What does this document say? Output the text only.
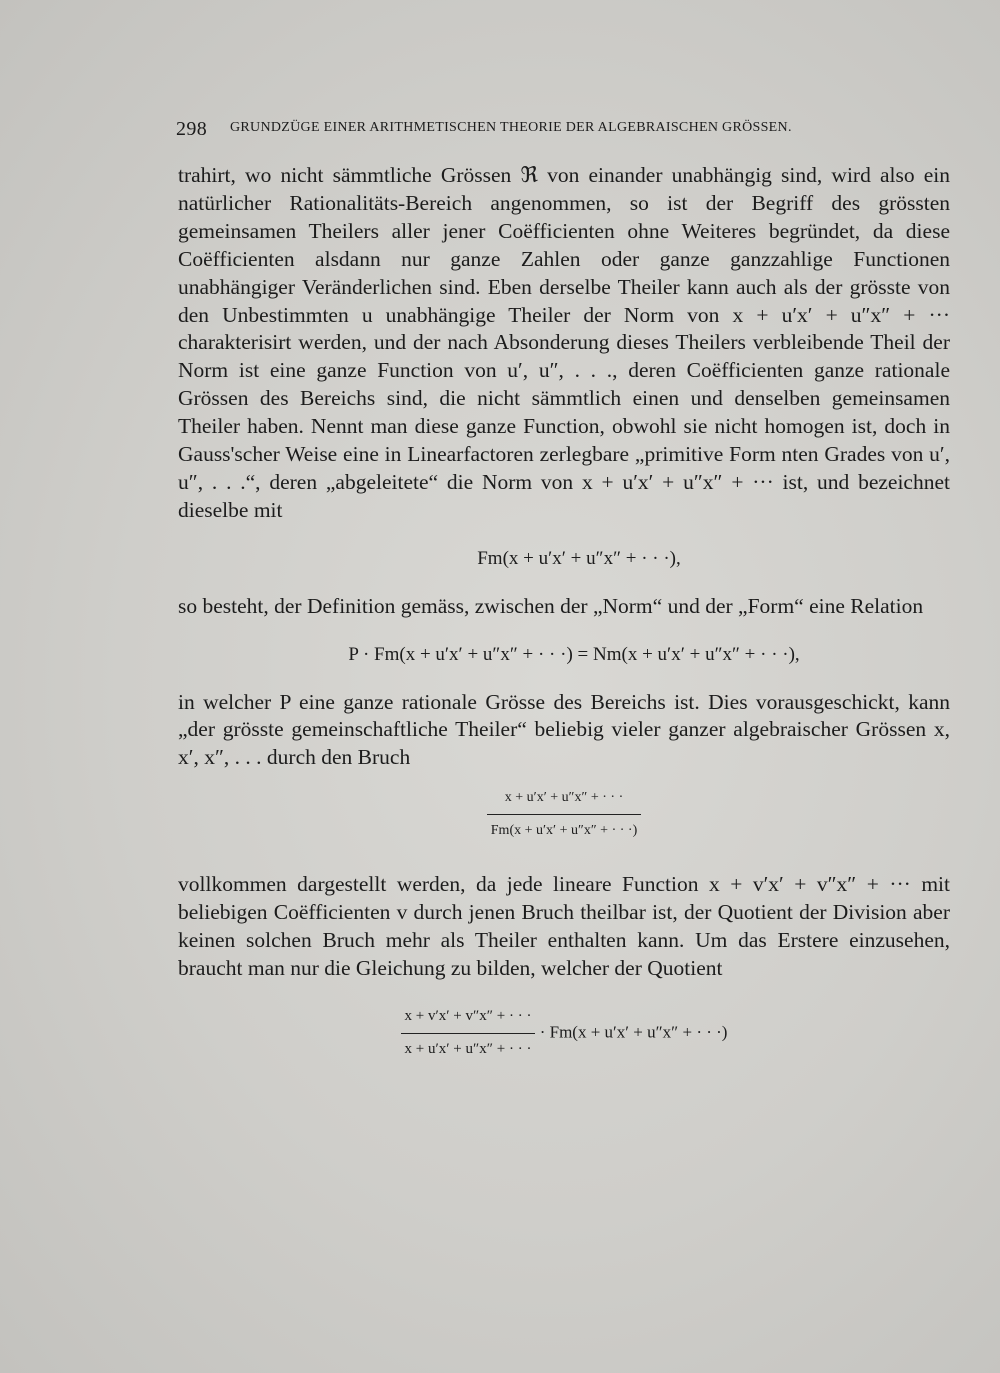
298 GRUNDZÜGE EINER ARITHMETISCHEN THEORIE DER ALGEBRAISCHEN GRÖSSEN.

trahirt, wo nicht sämmtliche Grössen ℜ von einander unabhängig sind, wird also ein natürlicher Rationalitäts-Bereich angenommen, so ist der Begriff des grössten gemeinsamen Theilers aller jener Coëfficienten ohne Weiteres begründet, da diese Coëfficienten alsdann nur ganze Zahlen oder ganze ganzzahlige Functionen unabhängiger Veränderlichen sind. Eben derselbe Theiler kann auch als der grösste von den Unbestimmten u unabhängige Theiler der Norm von x + u′x′ + u″x″ + ··· charakterisirt werden, und der nach Absonderung dieses Theilers verbleibende Theil der Norm ist eine ganze Function von u′, u″, . . ., deren Coëfficienten ganze rationale Grössen des Bereichs sind, die nicht sämmtlich einen und denselben gemeinsamen Theiler haben. Nennt man diese ganze Function, obwohl sie nicht homogen ist, doch in Gauss'scher Weise eine in Linearfactoren zerlegbare „primitive Form nten Grades von u′, u″, . . .“, deren „abgeleitete“ die Norm von x + u′x′ + u″x″ + ··· ist, und bezeichnet dieselbe mit

Fm(x + u′x′ + u″x″ + · · ·),

so besteht, der Definition gemäss, zwischen der „Norm“ und der „Form“ eine Relation

P · Fm(x + u′x′ + u″x″ + · · ·) = Nm(x + u′x′ + u″x″ + · · ·),

in welcher P eine ganze rationale Grösse des Bereichs ist. Dies vorausgeschickt, kann „der grösste gemeinschaftliche Theiler“ beliebig vieler ganzer algebraischer Grössen x, x′, x″, . . . durch den Bruch

$\frac{x + u'x' + u''x'' + \cdot \cdot \cdot}{Fm(x + u'x' + u''x'' + \cdot \cdot \cdot)}$

vollkommen dargestellt werden, da jede lineare Function x + v′x′ + v″x″ + ··· mit beliebigen Coëfficienten v durch jenen Bruch theilbar ist, der Quotient der Division aber keinen solchen Bruch mehr als Theiler enthalten kann. Um das Erstere einzusehen, braucht man nur die Gleichung zu bilden, welcher der Quotient

$\frac{x + v'x' + v''x'' + \cdot \cdot \cdot}{x + u'x' + u''x'' + \cdot \cdot \cdot} \cdot Fm(x + u'x' + u''x''$ + · · ·)
